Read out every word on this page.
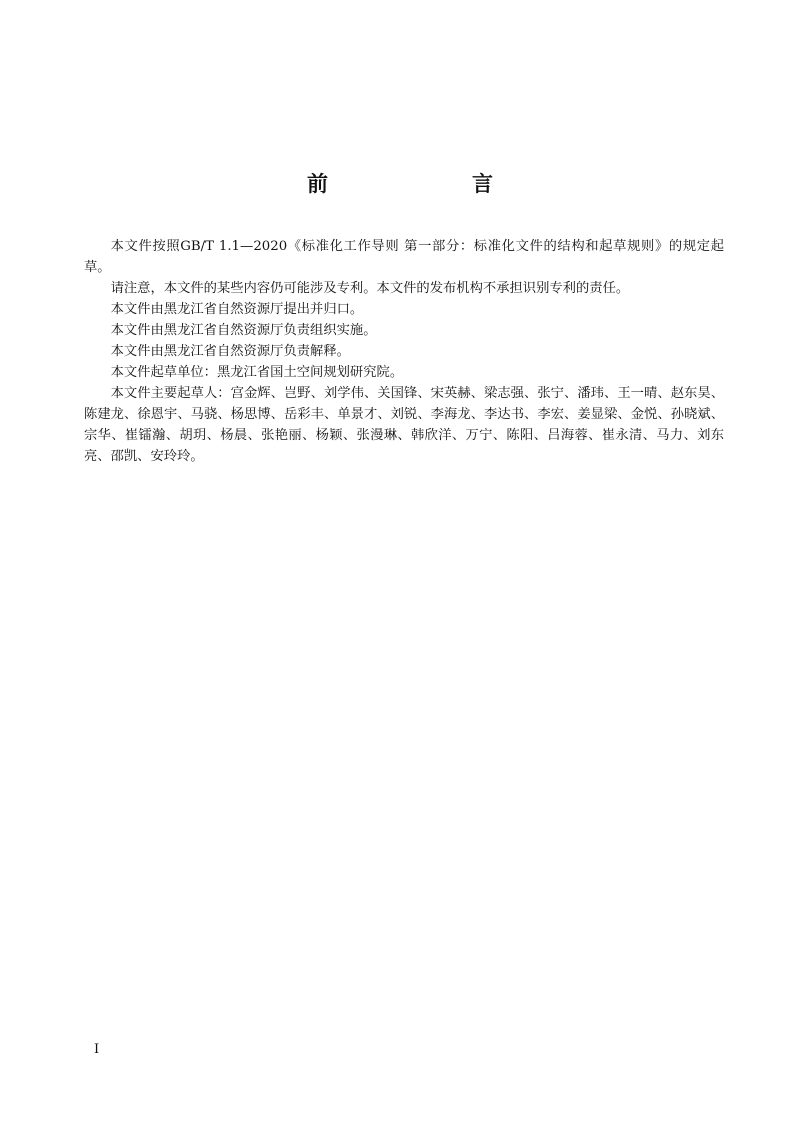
前　　言

本文件按照GB/T 1.1—2020《标准化工作导则 第一部分：标准化文件的结构和起草规则》的规定起草。

请注意，本文件的某些内容仍可能涉及专利。本文件的发布机构不承担识别专利的责任。

本文件由黑龙江省自然资源厅提出并归口。

本文件由黑龙江省自然资源厅负责组织实施。

本文件由黑龙江省自然资源厅负责解释。

本文件起草单位：黑龙江省国土空间规划研究院。

本文件主要起草人：宫金辉、岂野、刘学伟、关国锋、宋英赫、梁志强、张宁、潘玮、王一晴、赵东昊、陈建龙、徐恩宇、马骁、杨思博、岳彩丰、单景才、刘锐、李海龙、李达书、李宏、姜显梁、金悦、孙晓斌、宗华、崔镭瀚、胡玥、杨晨、张艳丽、杨颖、张漫琳、韩欣洋、万宁、陈阳、吕海蓉、崔永清、马力、刘东亮、邵凯、安玲玲。

I
